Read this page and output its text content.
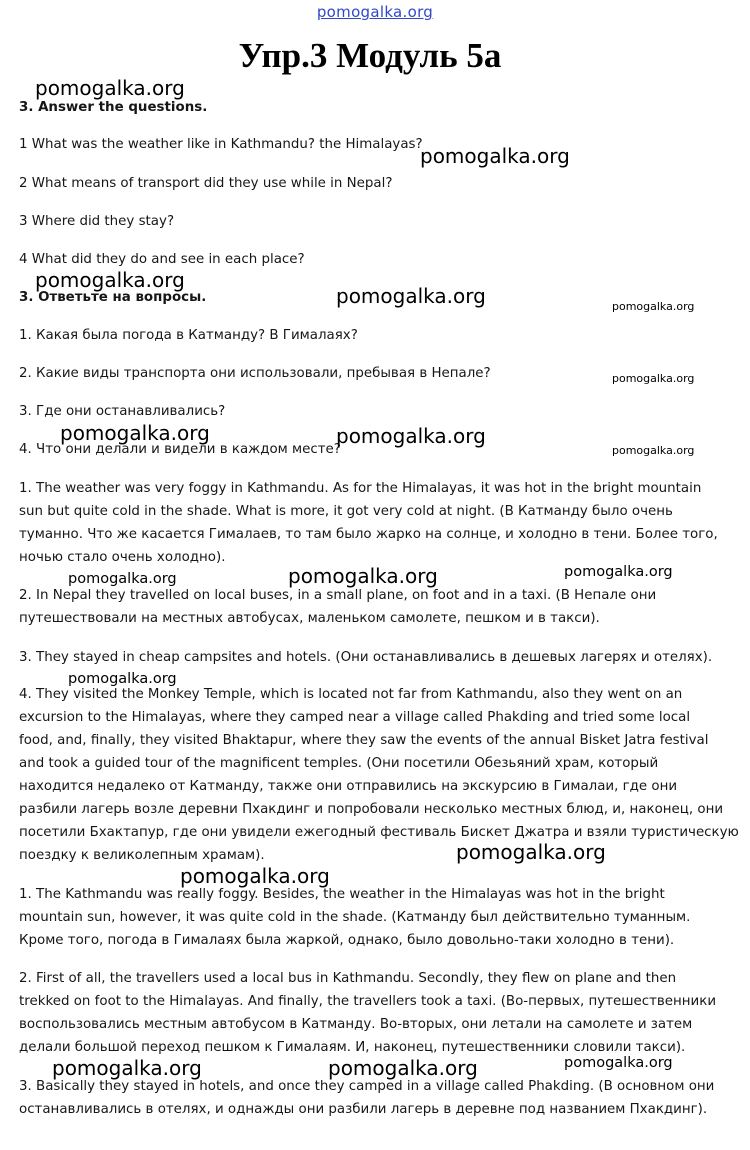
pomogalka.org
Упр.3 Модуль 5а
3. Answer the questions.
1 What was the weather like in Kathmandu? the Himalayas?
2 What means of transport did they use while in Nepal?
3 Where did they stay?
4 What did they do and see in each place?
3. Ответьте на вопросы.
1. Какая была погода в Катманду? В Гималаях?
2. Какие виды транспорта они использовали, пребывая в Непале?
3. Где они останавливались?
4. Что они делали и видели в каждом месте?
1. The weather was very foggy in Kathmandu. As for the Himalayas, it was hot in the bright mountain
sun but quite cold in the shade. What is more, it got very cold at night. (В Катманду было очень
туманно. Что же касается Гималаев, то там было жарко на солнце, и холодно в тени. Более того,
ночью стало очень холодно).
2. In Nepal they travelled on local buses, in a small plane, on foot and in a taxi. (В Непале они
путешествовали на местных автобусах, маленьком самолете, пешком и в такси).
3. They stayed in cheap campsites and hotels. (Они останавливались в дешевых лагерях и отелях).
4. They visited the Monkey Temple, which is located not far from Kathmandu, also they went on an
excursion to the Himalayas, where they camped near a village called Phakding and tried some local
food, and, finally, they visited Bhaktapur, where they saw the events of the annual Bisket Jatra festival
and took a guided tour of the magnificent temples. (Они посетили Обезьяний храм, который
находится недалеко от Катманду, также они отправились на экскурсию в Гималаи, где они
разбили лагерь возле деревни Пхакдинг и попробовали несколько местных блюд, и, наконец, они
посетили Бхактапур, где они увидели ежегодный фестиваль Бискет Джатра и взяли туристическую
поездку к великолепным храмам).
1. The Kathmandu was really foggy. Besides, the weather in the Himalayas was hot in the bright
mountain sun, however, it was quite cold in the shade. (Катманду был действительно туманным.
Кроме того, погода в Гималаях была жаркой, однако, было довольно-таки холодно в тени).
2. First of all, the travellers used a local bus in Kathmandu. Secondly, they flew on plane and then
trekked on foot to the Himalayas. And finally, the travellers took a taxi. (Во-первых, путешественники
воспользовались местным автобусом в Катманду. Во-вторых, они летали на самолете и затем
делали большой переход пешком к Гималаям. И, наконец, путешественники словили такси).
3. Basically they stayed in hotels, and once they camped in a village called Phakding. (В основном они
останавливались в отелях, и однажды они разбили лагерь в деревне под названием Пхакдинг).
pomogalka.org
pomogalka.org
pomogalka.org
pomogalka.org	pomogalka.org
pomogalka.org
pomogalka.org	pomogalka.org
pomogalka.org
pomogalka.org	pomogalka.org	pomogalka.org
pomogalka.org
pomogalka.org
pomogalka.org
pomogalka.org
pomogalka.org	pomogalka.org
